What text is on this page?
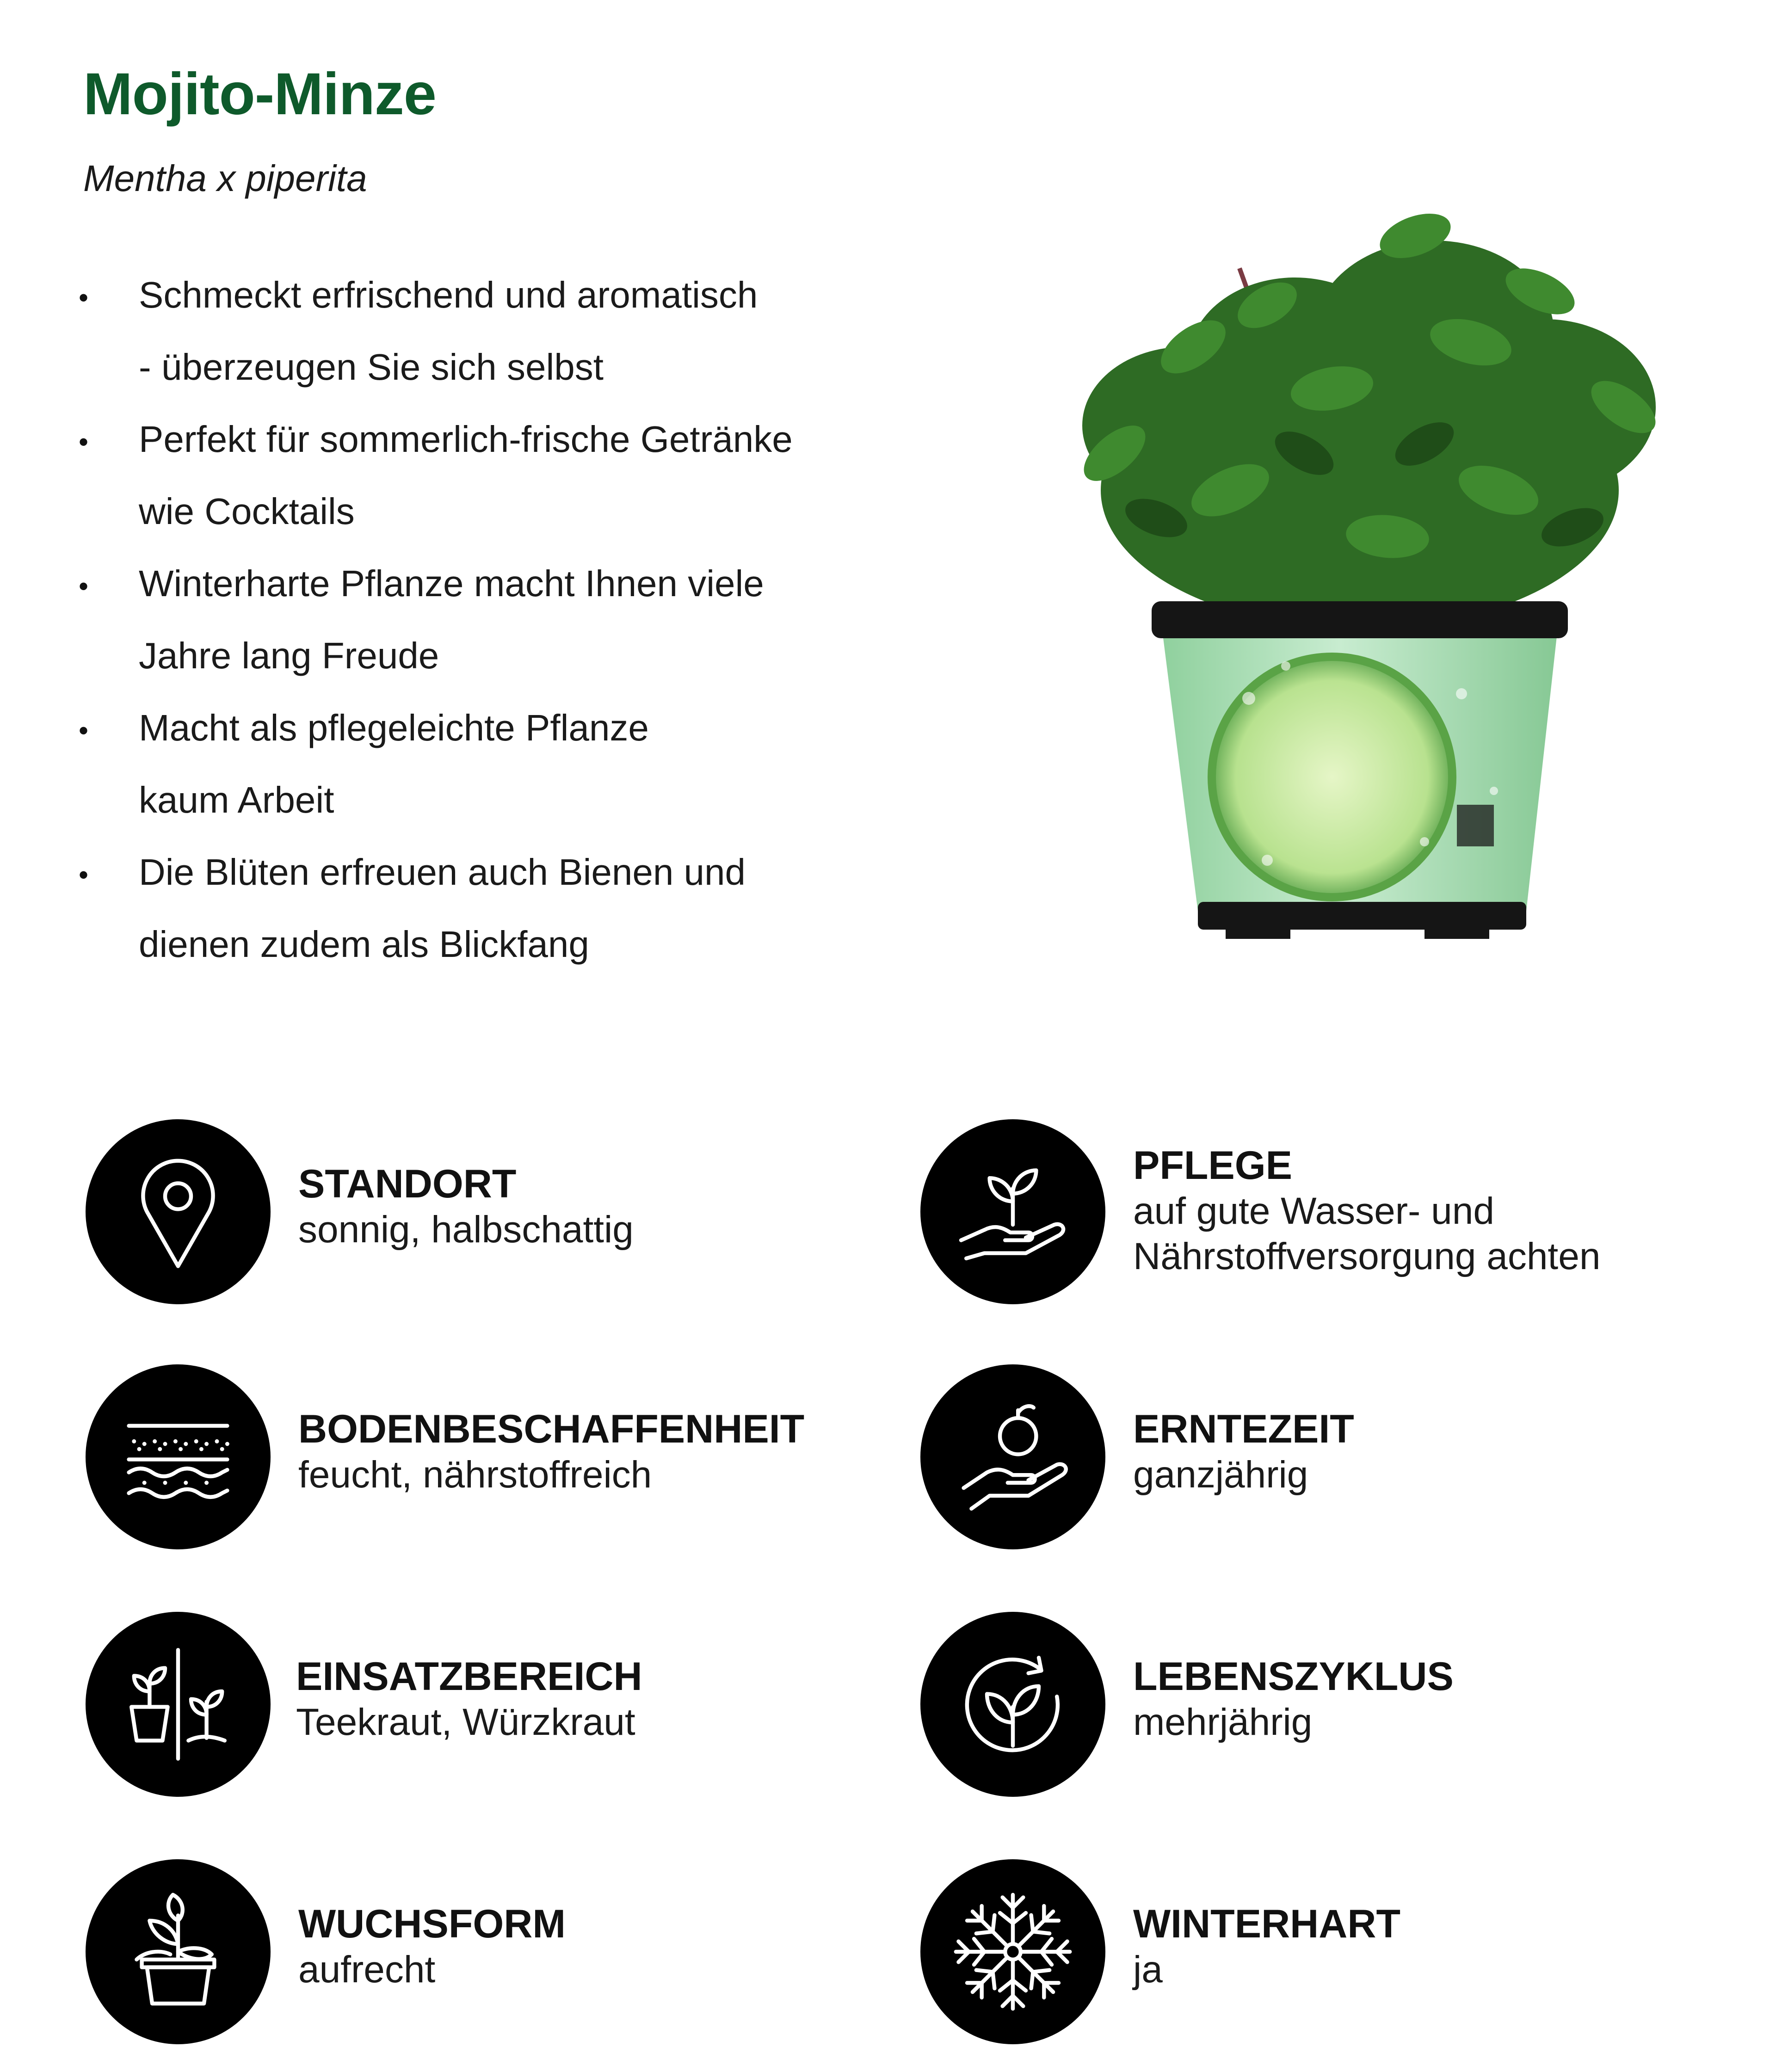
Mojito-Minze
Mentha x piperita
• Schmeckt erfrischend und aromatisch
- überzeugen Sie sich selbst
• Perfekt für sommerlich-frische Getränke
wie Cocktails
• Winterharte Pflanze macht Ihnen viele
Jahre lang Freude
• Macht als pflegeleichte Pflanze
kaum Arbeit
• Die Blüten erfreuen auch Bienen und
dienen zudem als Blickfang
STANDORT
sonnig, halbschattig
PFLEGE
auf gute Wasser- und
Nährstoffversorgung achten
BODENBESCHAFFENHEIT
feucht, nährstoffreich
ERNTEZEIT
ganzjährig
EINSATZBEREICH
Teekraut, Würzkraut
LEBENSZYKLUS
mehrjährig
WUCHSFORM
aufrecht
WINTERHART
ja
